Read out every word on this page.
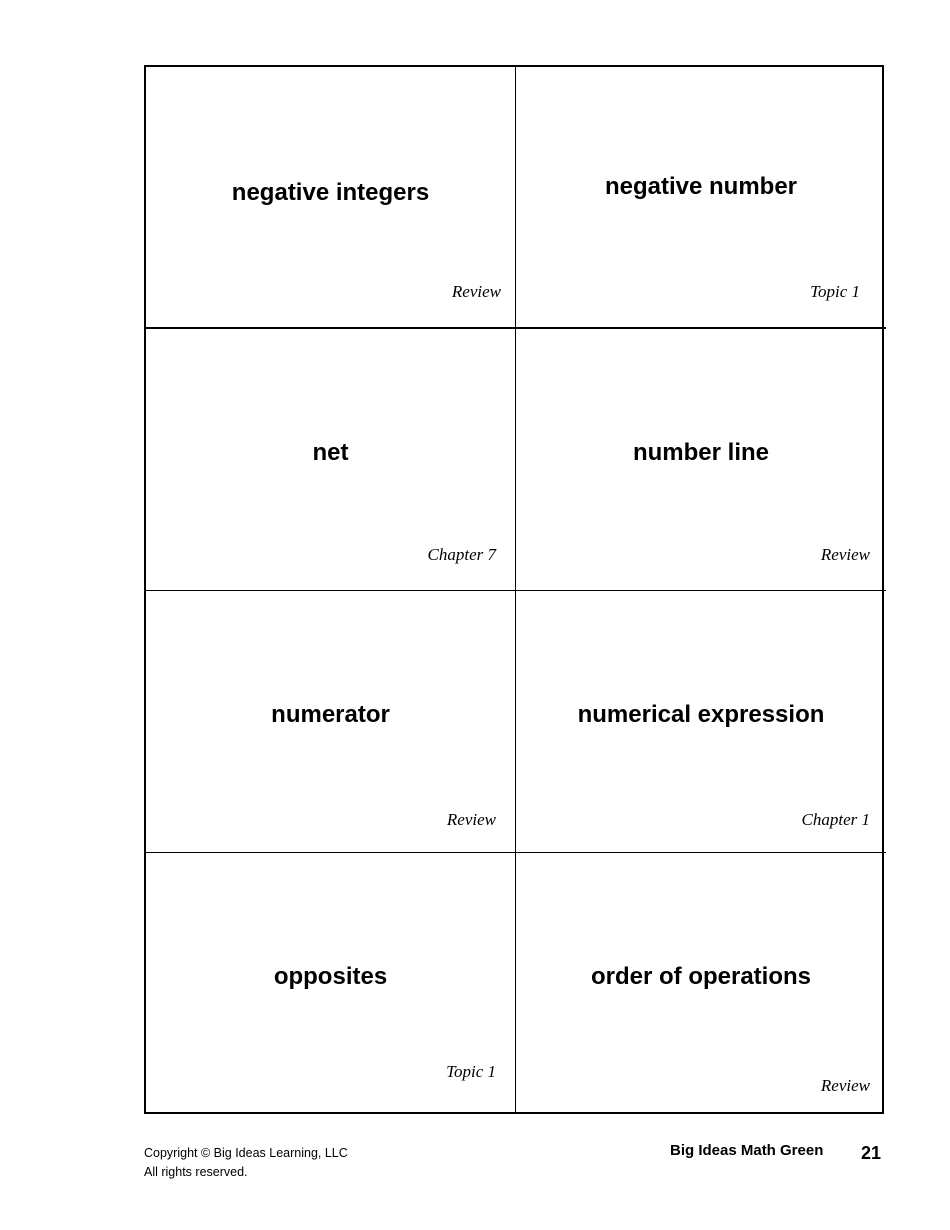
negative integers
Review
negative number
Topic 1
net
Chapter 7
number line
Review
numerator
Review
numerical expression
Chapter 1
opposites
Topic 1
order of operations
Review
Copyright © Big Ideas Learning, LLC
All rights reserved.
Big Ideas Math Green 21
